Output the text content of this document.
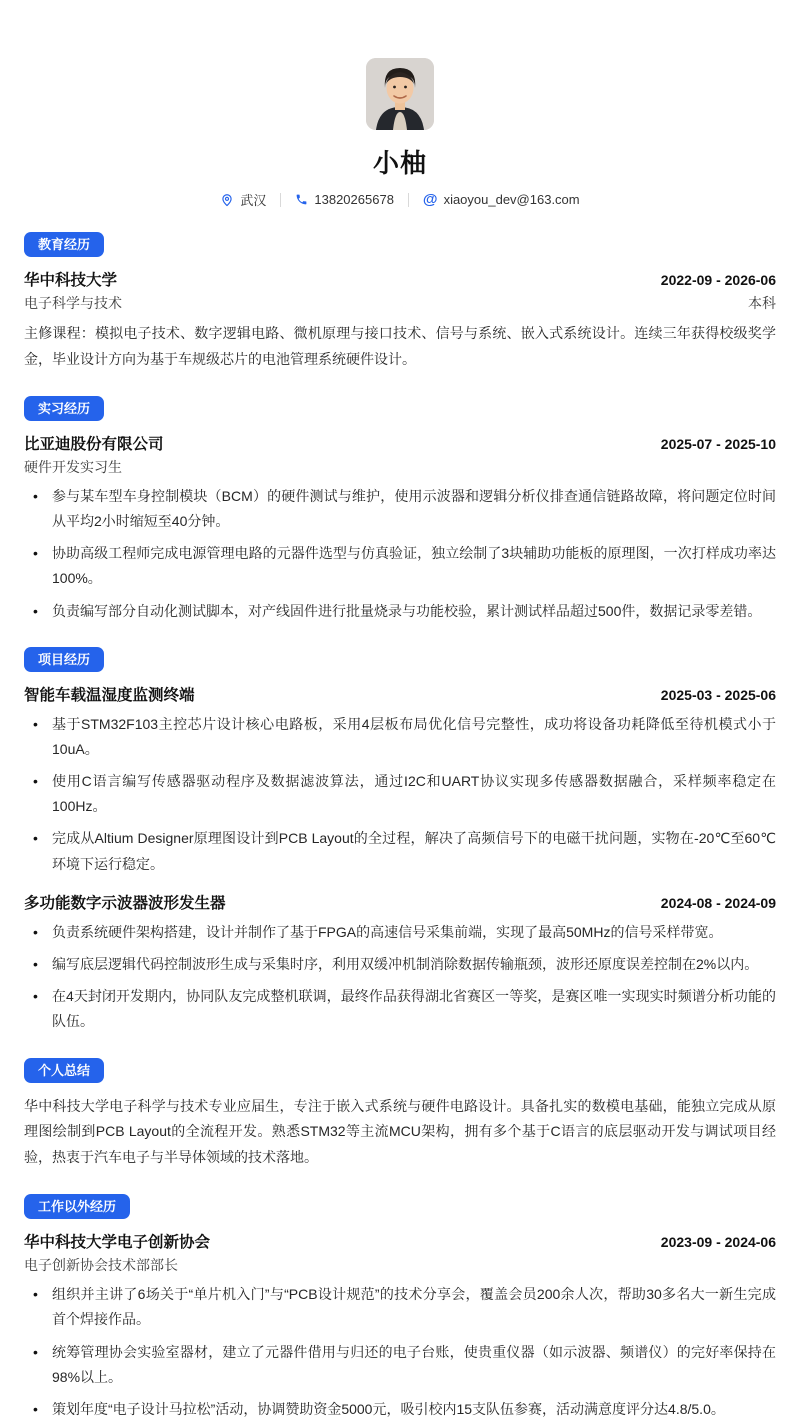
小柚
武汉	13820265678 @ xiaoyou_dev@163.com
教育经历
华中科技大学	2022-09 - 2026-06
电子科学与技术	本科
主修课程：模拟电子技术、数字逻辑电路、微机原理与接口技术、信号与系统、嵌入式系统设计。连续三年获得校级奖学金，毕业设计方向为基于车规级芯片的电池管理系统硬件设计。
实习经历
比亚迪股份有限公司	2025-07 - 2025-10
硬件开发实习生
• 参与某车型车身控制模块（BCM）的硬件测试与维护，使用示波器和逻辑分析仪排查通信链路故障，将问题定位时间从平均2小时缩短至40分钟。
• 协助高级工程师完成电源管理电路的元器件选型与仿真验证，独立绘制了3块辅助功能板的原理图，一次打样成功率达100%。
• 负责编写部分自动化测试脚本，对产线固件进行批量烧录与功能校验，累计测试样品超过500件，数据记录零差错。
项目经历
智能车载温湿度监测终端	2025-03 - 2025-06
• 基于STM32F103主控芯片设计核心电路板，采用4层板布局优化信号完整性，成功将设备功耗降低至待机模式小于10uA。
• 使用C语言编写传感器驱动程序及数据滤波算法，通过I2C和UART协议实现多传感器数据融合，采样频率稳定在100Hz。
• 完成从Altium Designer原理图设计到PCB Layout的全过程，解决了高频信号下的电磁干扰问题，实物在-20℃至60℃环境下运行稳定。
多功能数字示波器波形发生器	2024-08 - 2024-09
• 负责系统硬件架构搭建，设计并制作了基于FPGA的高速信号采集前端，实现了最高50MHz的信号采样带宽。
• 编写底层逻辑代码控制波形生成与采集时序，利用双缓冲机制消除数据传输瓶颈，波形还原度误差控制在2%以内。
• 在4天封闭开发期内，协同队友完成整机联调，最终作品获得湖北省赛区一等奖，是赛区唯一实现实时频谱分析功能的队伍。
个人总结
华中科技大学电子科学与技术专业应届生，专注于嵌入式系统与硬件电路设计。具备扎实的数模电基础，能独立完成从原理图绘制到PCB Layout的全流程开发。熟悉STM32等主流MCU架构，拥有多个基于C语言的底层驱动开发与调试项目经验，热衷于汽车电子与半导体领域的技术落地。
工作以外经历
华中科技大学电子创新协会	2023-09 - 2024-06
电子创新协会技术部部长
• 组织并主讲了6场关于“单片机入门”与“PCB设计规范”的技术分享会，覆盖会员200余人次，帮助30多名大一新生完成首个焊接作品。
• 统筹管理协会实验室器材，建立了元器件借用与归还的电子台账，使贵重仪器（如示波器、频谱仪）的完好率保持在98%以上。
• 策划年度“电子设计马拉松”活动，协调赞助资金5000元，吸引校内15支队伍参赛，活动满意度评分达4.8/5.0。
